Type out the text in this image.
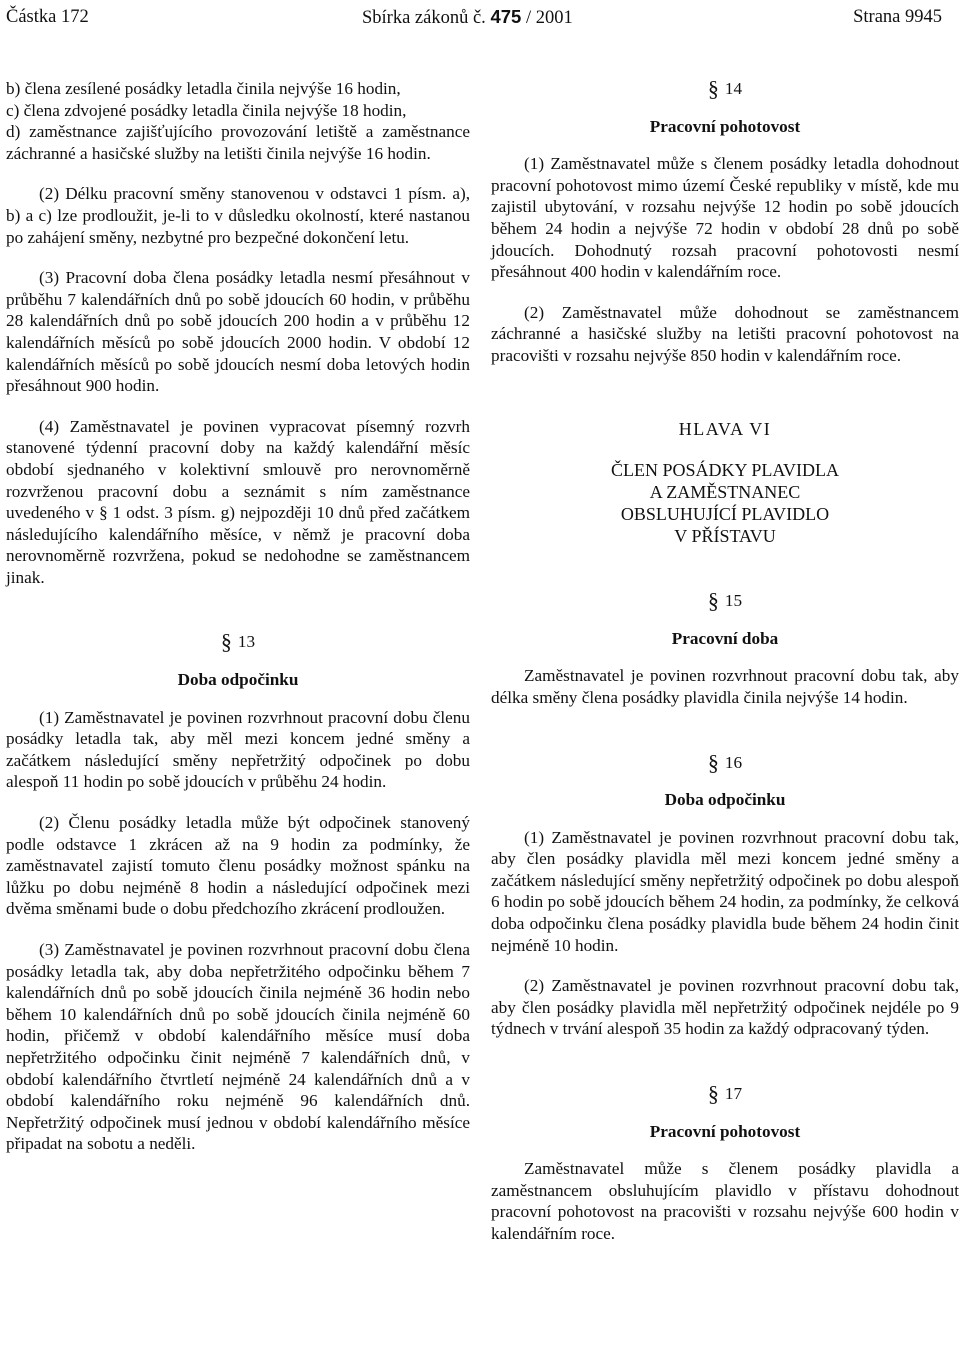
Částka 172	Sbírka zákonů č. 475 / 2001	Strana 9945

b) člena zesílené posádky letadla činila nejvýše 16 hodin,

c) člena zdvojené posádky letadla činila nejvýše 18 hodin,

d) zaměstnance zajišťujícího provozování letiště a zaměstnance záchranné a hasičské služby na letišti činila nejvýše 16 hodin.

(2) Délku pracovní směny stanovenou v odstavci 1 písm. a), b) a c) lze prodloužit, je-li to v důsledku okolností, které nastanou po zahájení směny, nezbytné pro bezpečné dokončení letu.

(3) Pracovní doba člena posádky letadla nesmí přesáhnout v průběhu 7 kalendářních dnů po sobě jdoucích 60 hodin, v průběhu 28 kalendářních dnů po sobě jdoucích 200 hodin a v průběhu 12 kalendářních měsíců po sobě jdoucích 2000 hodin. V období 12 kalendářních měsíců po sobě jdoucích nesmí doba letových hodin přesáhnout 900 hodin.

(4) Zaměstnavatel je povinen vypracovat písemný rozvrh stanovené týdenní pracovní doby na každý kalendářní měsíc období sjednaného v kolektivní smlouvě pro nerovnoměrně rozvrženou pracovní dobu a seznámit s ním zaměstnance uvedeného v § 1 odst. 3 písm. g) nejpozději 10 dnů před začátkem následujícího kalendářního měsíce, v němž je pracovní doba nerovnoměrně rozvržena, pokud se nedohodne se zaměstnancem jinak.

§ 13

Doba odpočinku

(1) Zaměstnavatel je povinen rozvrhnout pracovní dobu členu posádky letadla tak, aby měl mezi koncem jedné směny a začátkem následující směny nepřetržitý odpočinek po dobu alespoň 11 hodin po sobě jdoucích v průběhu 24 hodin.

(2) Členu posádky letadla může být odpočinek stanovený podle odstavce 1 zkrácen až na 9 hodin za podmínky, že zaměstnavatel zajistí tomuto členu posádky možnost spánku na lůžku po dobu nejméně 8 hodin a následující odpočinek mezi dvěma směnami bude o dobu předchozího zkrácení prodloužen.

(3) Zaměstnavatel je povinen rozvrhnout pracovní dobu člena posádky letadla tak, aby doba nepřetržitého odpočinku během 7 kalendářních dnů po sobě jdoucích činila nejméně 36 hodin nebo během 10 kalendářních dnů po sobě jdoucích činila nejméně 60 hodin, přičemž v období kalendářního měsíce musí doba nepřetržitého odpočinku činit nejméně 7 kalendářních dnů, v období kalendářního čtvrtletí nejméně 24 kalendářních dnů a v období kalendářního roku nejméně 96 kalendářních dnů. Nepřetržitý odpočinek musí jednou v období kalendářního měsíce připadat na sobotu a neděli.

§ 14

Pracovní pohotovost

(1) Zaměstnavatel může s členem posádky letadla dohodnout pracovní pohotovost mimo území České republiky v místě, kde mu zajistil ubytování, v rozsahu nejvýše 12 hodin po sobě jdoucích během 24 hodin a nejvýše 72 hodin v období 28 dnů po sobě jdoucích. Dohodnutý rozsah pracovní pohotovosti nesmí přesáhnout 400 hodin v kalendářním roce.

(2) Zaměstnavatel může dohodnout se zaměstnancem záchranné a hasičské služby na letišti pracovní pohotovost na pracovišti v rozsahu nejvýše 850 hodin v kalendářním roce.

HLAVA VI

ČLEN POSÁDKY PLAVIDLA
A ZAMĚSTNANEC
OBSLUHUJÍCÍ PLAVIDLO
V PŘÍSTAVU

§ 15

Pracovní doba

Zaměstnavatel je povinen rozvrhnout pracovní dobu tak, aby délka směny člena posádky plavidla činila nejvýše 14 hodin.

§ 16

Doba odpočinku

(1) Zaměstnavatel je povinen rozvrhnout pracovní dobu tak, aby člen posádky plavidla měl mezi koncem jedné směny a začátkem následující směny nepřetržitý odpočinek po dobu alespoň 6 hodin po sobě jdoucích během 24 hodin, za podmínky, že celková doba odpočinku člena posádky plavidla bude během 24 hodin činit nejméně 10 hodin.

(2) Zaměstnavatel je povinen rozvrhnout pracovní dobu tak, aby člen posádky plavidla měl nepřetržitý odpočinek nejdéle po 9 týdnech v trvání alespoň 35 hodin za každý odpracovaný týden.

§ 17

Pracovní pohotovost

Zaměstnavatel může s členem posádky plavidla a zaměstnancem obsluhujícím plavidlo v přístavu dohodnout pracovní pohotovost na pracovišti v rozsahu nejvýše 600 hodin v kalendářním roce.
